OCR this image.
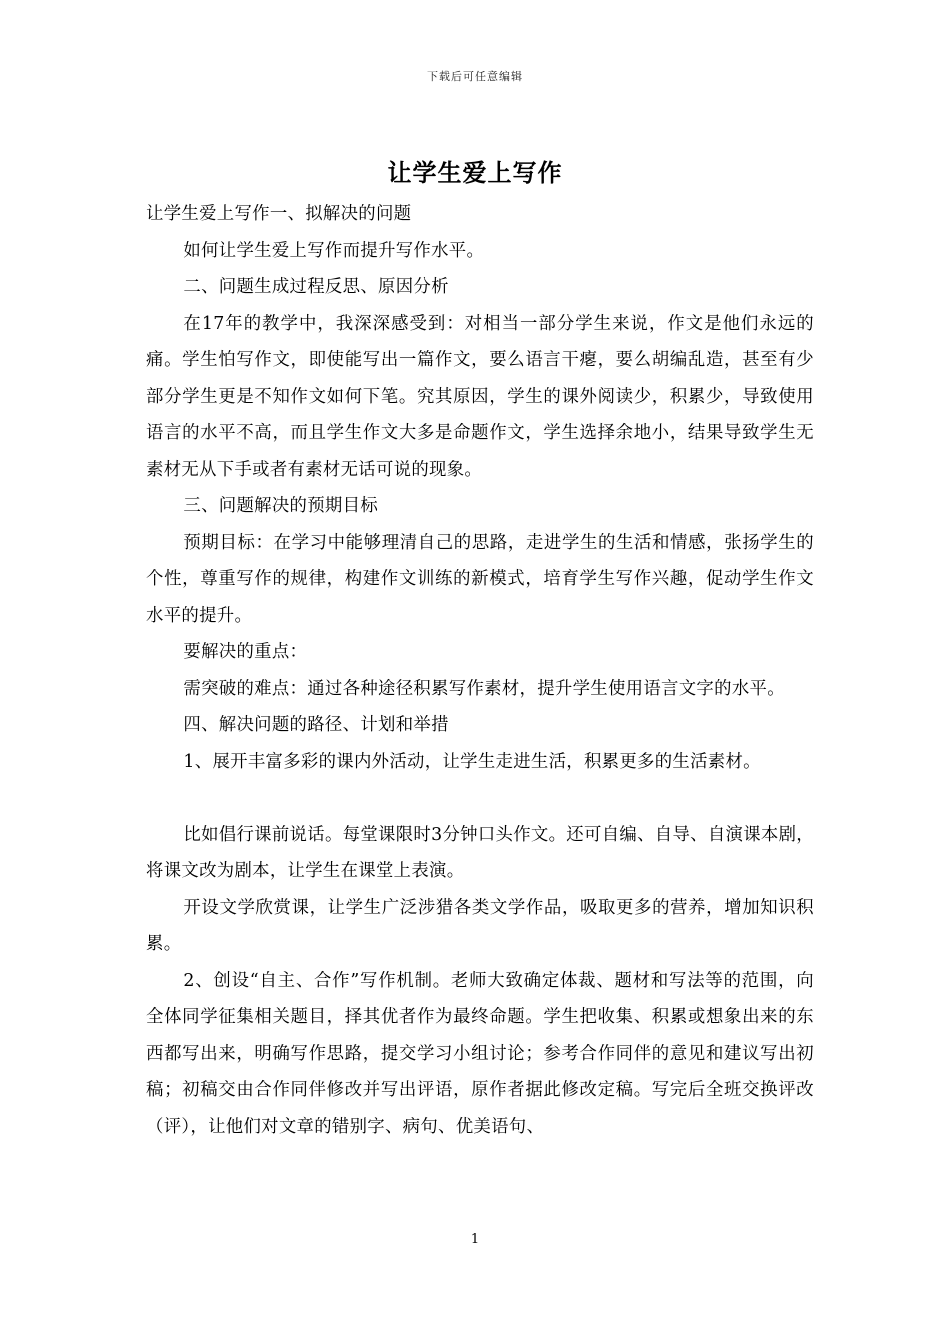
下载后可任意编辑
让学生爱上写作

让学生爱上写作一、拟解决的问题

如何让学生爱上写作而提升写作水平。

二、问题生成过程反思、原因分析

在17年的教学中，我深深感受到：对相当一部分学生来说，作文是他们永远的痛。学生怕写作文，即使能写出一篇作文，要么语言干瘪，要么胡编乱造，甚至有少部分学生更是不知作文如何下笔。究其原因，学生的课外阅读少，积累少，导致使用语言的水平不高，而且学生作文大多是命题作文，学生选择余地小，结果导致学生无素材无从下手或者有素材无话可说的现象。

三、问题解决的预期目标

预期目标：在学习中能够理清自己的思路，走进学生的生活和情感，张扬学生的个性，尊重写作的规律，构建作文训练的新模式，培育学生写作兴趣，促动学生作文水平的提升。

要解决的重点：

需突破的难点：通过各种途径积累写作素材，提升学生使用语言文字的水平。

四、解决问题的路径、计划和举措

1、展开丰富多彩的课内外活动，让学生走进生活，积累更多的生活素材。

比如倡行课前说话。每堂课限时3分钟口头作文。还可自编、自导、自演课本剧，将课文改为剧本，让学生在课堂上表演。

开设文学欣赏课，让学生广泛涉猎各类文学作品，吸取更多的营养，增加知识积累。

2、创设“自主、合作”写作机制。老师大致确定体裁、题材和写法等的范围，向全体同学征集相关题目，择其优者作为最终命题。学生把收集、积累或想象出来的东西都写出来，明确写作思路，提交学习小组讨论；参考合作同伴的意见和建议写出初稿；初稿交由合作同伴修改并写出评语，原作者据此修改定稿。写完后全班交换评改（评），让他们对文章的错别字、病句、优美语句、

1
